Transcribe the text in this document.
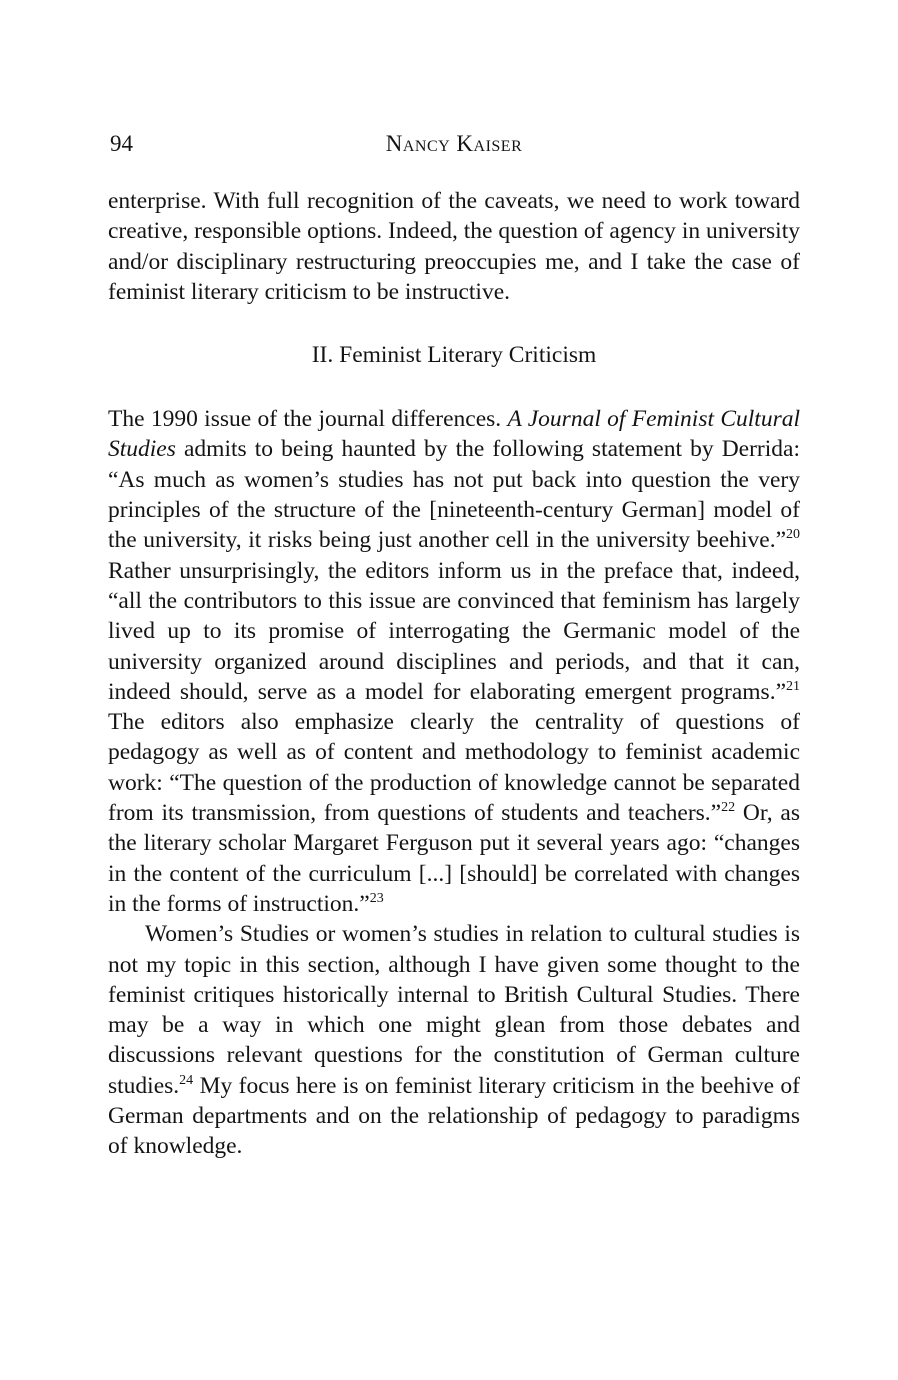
94	Nancy Kaiser

enterprise. With full recognition of the caveats, we need to work toward creative, responsible options. Indeed, the question of agency in university and/or disciplinary restructuring preoccupies me, and I take the case of feminist literary criticism to be instructive.

II. Feminist Literary Criticism

The 1990 issue of the journal differences. A Journal of Feminist Cultural Studies admits to being haunted by the following statement by Derrida: “As much as women’s studies has not put back into question the very principles of the structure of the [nineteenth-century German] model of the university, it risks being just another cell in the university beehive.”$^{20}$ Rather unsurprisingly, the editors inform us in the preface that, indeed, “all the contributors to this issue are convinced that feminism has largely lived up to its promise of interrogating the Germanic model of the university organized around disciplines and periods, and that it can, indeed should, serve as a model for elaborating emergent programs.”$^{21}$ The editors also emphasize clearly the centrality of questions of pedagogy as well as of content and methodology to feminist academic work: “The question of the production of knowledge cannot be separated from its transmission, from questions of students and teachers.”$^{22}$ Or, as the literary scholar Margaret Ferguson put it several years ago: “changes in the content of the curriculum [...] [should] be correlated with changes in the forms of instruction.”$^{23}$

Women’s Studies or women’s studies in relation to cultural studies is not my topic in this section, although I have given some thought to the feminist critiques historically internal to British Cultural Studies. There may be a way in which one might glean from those debates and discussions relevant questions for the constitution of German culture studies.$^{24}$ My focus here is on feminist literary criticism in the beehive of German departments and on the relationship of pedagogy to paradigms of knowledge.
